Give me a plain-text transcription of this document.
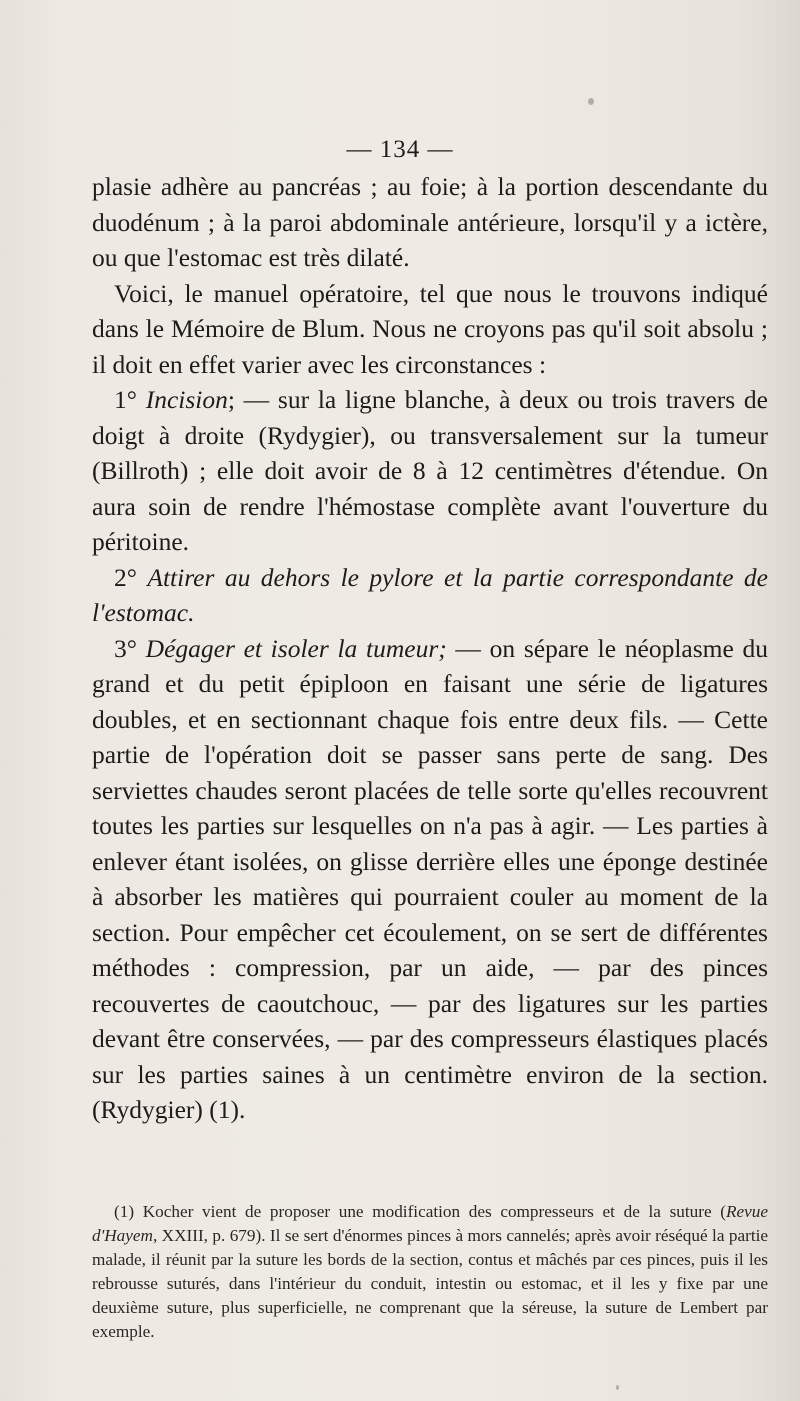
— 134 —

plasie adhère au pancréas ; au foie; à la portion descendante du duodénum ; à la paroi abdominale antérieure, lorsqu'il y a ictère, ou que l'estomac est très dilaté.

Voici, le manuel opératoire, tel que nous le trouvons indiqué dans le Mémoire de Blum. Nous ne croyons pas qu'il soit absolu ; il doit en effet varier avec les circonstances :

1° Incision; — sur la ligne blanche, à deux ou trois travers de doigt à droite (Rydygier), ou transversalement sur la tumeur (Billroth) ; elle doit avoir de 8 à 12 centimètres d'étendue. On aura soin de rendre l'hémostase complète avant l'ouverture du péritoine.

2° Attirer au dehors le pylore et la partie correspondante de l'estomac.

3° Dégager et isoler la tumeur; — on sépare le néoplasme du grand et du petit épiploon en faisant une série de ligatures doubles, et en sectionnant chaque fois entre deux fils. — Cette partie de l'opération doit se passer sans perte de sang. Des serviettes chaudes seront placées de telle sorte qu'elles recouvrent toutes les parties sur lesquelles on n'a pas à agir. — Les parties à enlever étant isolées, on glisse derrière elles une éponge destinée à absorber les matières qui pourraient couler au moment de la section. Pour empêcher cet écoulement, on se sert de différentes méthodes : compression, par un aide, — par des pinces recouvertes de caoutchouc, — par des ligatures sur les parties devant être conservées, — par des compresseurs élastiques placés sur les parties saines à un centimètre environ de la section. (Rydygier) (1).

(1) Kocher vient de proposer une modification des compresseurs et de la suture (Revue d'Hayem, XXIII, p. 679). Il se sert d'énormes pinces à mors cannelés; après avoir réséqué la partie malade, il réunit par la suture les bords de la section, contus et mâchés par ces pinces, puis il les rebrousse suturés, dans l'intérieur du conduit, intestin ou estomac, et il les y fixe par une deuxième suture, plus superficielle, ne comprenant que la séreuse, la suture de Lembert par exemple.
